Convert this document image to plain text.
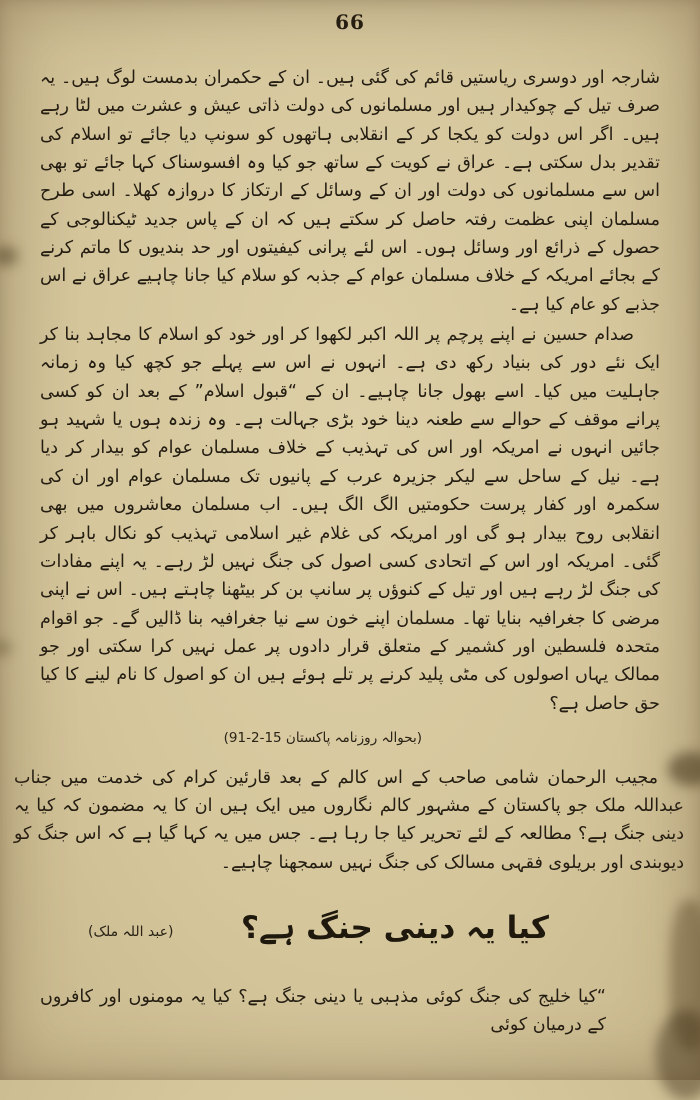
66

شارجہ اور دوسری ریاستیں قائم کی گئی ہیں۔ ان کے حکمران بدمست لوگ ہیں۔ یہ صرف تیل کے چوکیدار ہیں اور مسلمانوں کی دولت ذاتی عیش و عشرت میں لٹا رہے ہیں۔ اگر اس دولت کو یکجا کر کے انقلابی ہاتھوں کو سونپ دیا جائے تو اسلام کی تقدیر بدل سکتی ہے۔ عراق نے کویت کے ساتھ جو کیا وہ افسوسناک کہا جائے تو بھی اس سے مسلمانوں کی دولت اور ان کے وسائل کے ارتکاز کا دروازہ کھلا۔ اسی طرح مسلمان اپنی عظمت رفتہ حاصل کر سکتے ہیں کہ ان کے پاس جدید ٹیکنالوجی کے حصول کے ذرائع اور وسائل ہوں۔ اس لئے پرانی کیفیتوں اور حد بندیوں کا ماتم کرنے کے بجائے امریکہ کے خلاف مسلمان عوام کے جذبہ کو سلام کیا جانا چاہیے عراق نے اس جذبے کو عام کیا ہے۔

صدام حسین نے اپنے پرچم پر اللہ اکبر لکھوا کر اور خود کو اسلام کا مجاہد بنا کر ایک نئے دور کی بنیاد رکھ دی ہے۔ انہوں نے اس سے پہلے جو کچھ کیا وہ زمانہ جاہلیت میں کیا۔ اسے بھول جانا چاہیے۔ ان کے “قبول اسلام” کے بعد ان کو کسی پرانے موقف کے حوالے سے طعنہ دینا خود بڑی جہالت ہے۔ وہ زندہ ہوں یا شہید ہو جائیں انہوں نے امریکہ اور اس کی تہذیب کے خلاف مسلمان عوام کو بیدار کر دیا ہے۔ نیل کے ساحل سے لیکر جزیرہ عرب کے پانیوں تک مسلمان عوام اور ان کی سکمرہ اور کفار پرست حکومتیں الگ الگ ہیں۔ اب مسلمان معاشروں میں بھی انقلابی روح بیدار ہو گی اور امریکہ کی غلام غیر اسلامی تہذیب کو نکال باہر کر گئی۔ امریکہ اور اس کے اتحادی کسی اصول کی جنگ نہیں لڑ رہے۔ یہ اپنے مفادات کی جنگ لڑ رہے ہیں اور تیل کے کنوؤں پر سانپ بن کر بیٹھنا چاہتے ہیں۔ اس نے اپنی مرضی کا جغرافیہ بنایا تھا۔ مسلمان اپنے خون سے نیا جغرافیہ بنا ڈالیں گے۔ جو اقوام متحدہ فلسطین اور کشمیر کے متعلق قرار دادوں پر عمل نہیں کرا سکتی اور جو ممالک یہاں اصولوں کی مٹی پلید کرنے پر تلے ہوئے ہیں ان کو اصول کا نام لینے کا کیا حق حاصل ہے؟

(بحوالہ روزنامہ پاکستان 15-2-91)

مجیب الرحمان شامی صاحب کے اس کالم کے بعد قارئین کرام کی خدمت میں جناب عبداللہ ملک جو پاکستان کے مشہور کالم نگاروں میں ایک ہیں ان کا یہ مضمون کہ کیا یہ دینی جنگ ہے؟ مطالعہ کے لئے تحریر کیا جا رہا ہے۔ جس میں یہ کہا گیا ہے کہ اس جنگ کو دیوبندی اور بریلوی فقہی مسالک کی جنگ نہیں سمجھنا چاہیے۔

کیا یہ دینی جنگ ہے؟
(عبد اللہ ملک)

“کیا خلیج کی جنگ کوئی مذہبی یا دینی جنگ ہے؟ کیا یہ مومنوں اور کافروں کے درمیان کوئی
